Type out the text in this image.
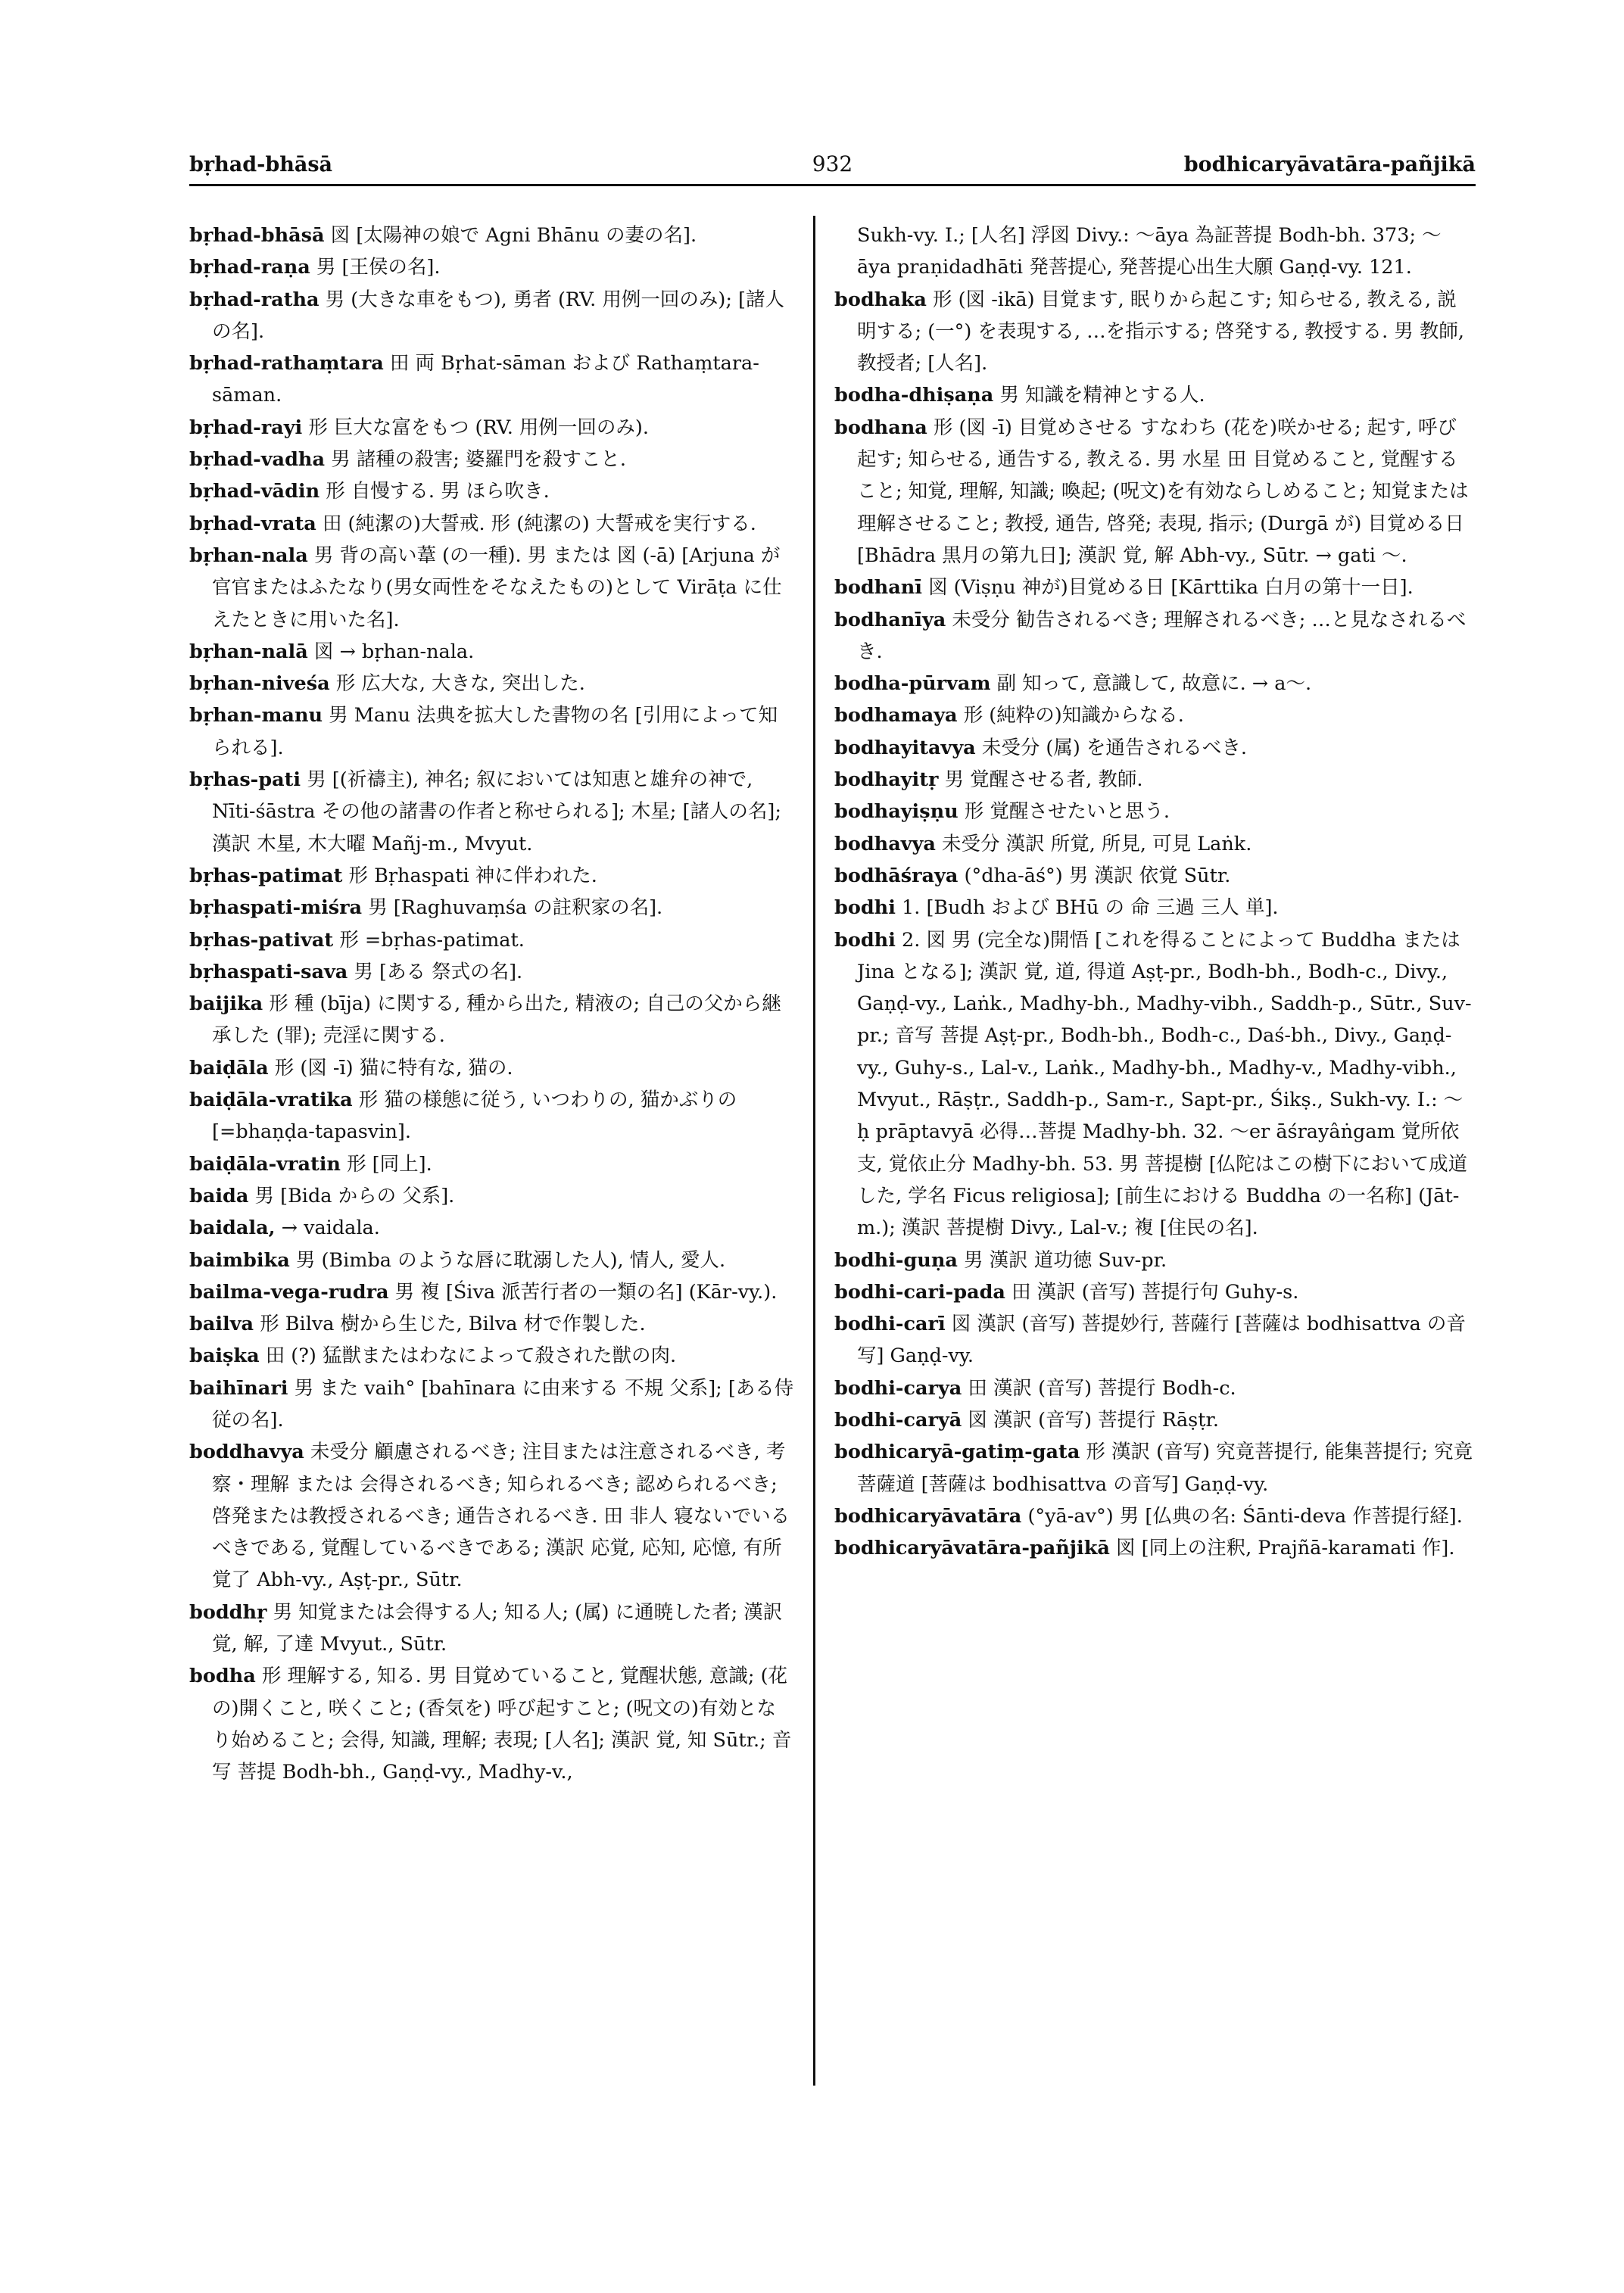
bṛhad-bhāsā	932	bodhicaryāvatāra-pañjikā

bṛhad-bhāsā 図 [太陽神の娘で Agni Bhānu の妻の名].

bṛhad-raṇa 男 [王侯の名].

bṛhad-ratha 男 (大きな車をもつ), 勇者 (RV. 用例一回のみ); [諸人の名].

bṛhad-rathaṃtara 田 両 Bṛhat-sāman および Rathaṃtara-sāman.

bṛhad-rayi 形 巨大な富をもつ (RV. 用例一回のみ).

bṛhad-vadha 男 諸種の殺害; 婆羅門を殺すこと.

bṛhad-vādin 形 自慢する. 男 ほら吹き.

bṛhad-vrata 田 (純潔の)大誓戒. 形 (純潔の) 大誓戒を実行する.

bṛhan-nala 男 背の高い葦 (の一種). 男 または 図 (-ā) [Arjuna が官官またはふたなり(男女両性をそなえたもの)として Virāṭa に仕えたときに用いた名].

bṛhan-nalā 図 → bṛhan-nala.

bṛhan-niveśa 形 広大な, 大きな, 突出した.

bṛhan-manu 男 Manu 法典を拡大した書物の名 [引用によって知られる].

bṛhas-pati 男 [(祈禱主), 神名; 叙においては知恵と雄弁の神で, Nīti-śāstra その他の諸書の作者と称せられる]; 木星; [諸人の名]; 漢訳 木星, 木大曜 Mañj-m., Mvyut.

bṛhas-patimat 形 Bṛhaspati 神に伴われた.

bṛhaspati-miśra 男 [Raghuvaṃśa の註釈家の名].

bṛhas-pativat 形 =bṛhas-patimat.

bṛhaspati-sava 男 [ある 祭式の名].

baijika 形 種 (bīja) に関する, 種から出た, 精液の; 自己の父から継承した (罪); 売淫に関する.

baiḍāla 形 (図 -ī) 猫に特有な, 猫の.

baiḍāla-vratika 形 猫の様態に従う, いつわりの, 猫かぶりの [=bhaṇḍa-tapasvin].

baiḍāla-vratin 形 [同上].

baida 男 [Bida からの 父系].

baidala, → vaidala.

baimbika 男 (Bimba のような唇に耽溺した人), 情人, 愛人.

bailma-vega-rudra 男 複 [Śiva 派苦行者の一類の名] (Kār-vy.).

bailva 形 Bilva 樹から生じた, Bilva 材で作製した.

baiṣka 田 (?) 猛獣またはわなによって殺された獣の肉.

baihīnari 男 また vaih° [bahīnara に由来する 不規 父系]; [ある侍従の名].

boddhavya 未受分 顧慮されるべき; 注目または注意されるべき, 考察・理解 または 会得されるべき; 知られるべき; 認められるべき; 啓発または教授されるべき; 通告されるべき. 田 非人 寝ないでいるべきである, 覚醒しているべきである; 漢訳 応覚, 応知, 応憶, 有所覚了 Abh-vy., Aṣṭ-pr., Sūtr.

boddhṛ 男 知覚または会得する人; 知る人; (属) に通暁した者; 漢訳 覚, 解, 了達 Mvyut., Sūtr.

bodha 形 理解する, 知る. 男 目覚めていること, 覚醒状態, 意識; (花の)開くこと, 咲くこと; (香気を) 呼び起すこと; (呪文の)有効となり始めること; 会得, 知識, 理解; 表現; [人名]; 漢訳 覚, 知 Sūtr.; 音写 菩提 Bodh-bh., Gaṇḍ-vy., Madhy-v.,

Sukh-vy. I.; [人名] 浮図 Divy.: ～āya 為証菩提 Bodh-bh. 373; ～āya praṇidadhāti 発菩提心, 発菩提心出生大願 Gaṇḍ-vy. 121.

bodhaka 形 (図 -ikā) 目覚ます, 眠りから起こす; 知らせる, 教える, 説明する; (一°) を表現する, …を指示する; 啓発する, 教授する. 男 教師, 教授者; [人名].

bodha-dhiṣaṇa 男 知識を精神とする人.

bodhana 形 (図 -ī) 目覚めさせる すなわち (花を)咲かせる; 起す, 呼び起す; 知らせる, 通告する, 教える. 男 水星 田 目覚めること, 覚醒すること; 知覚, 理解, 知識; 喚起; (呪文)を有効ならしめること; 知覚または理解させること; 教授, 通告, 啓発; 表現, 指示; (Durgā が) 目覚める日 [Bhādra 黒月の第九日]; 漢訳 覚, 解 Abh-vy., Sūtr. → gati ～.

bodhanī 図 (Viṣṇu 神が)目覚める日 [Kārttika 白月の第十一日].

bodhanīya 未受分 勧告されるべき; 理解されるべき; …と見なされるべき.

bodha-pūrvam 副 知って, 意識して, 故意に. → a～.

bodhamaya 形 (純粋の)知識からなる.

bodhayitavya 未受分 (属) を通告されるべき.

bodhayitṛ 男 覚醒させる者, 教師.

bodhayiṣṇu 形 覚醒させたいと思う.

bodhavya 未受分 漢訳 所覚, 所見, 可見 Laṅk.

bodhāśraya (°dha-āś°) 男 漢訳 依覚 Sūtr.

bodhi 1. [Budh および BHū の 命 三過 三人 単].

bodhi 2. 図 男 (完全な)開悟 [これを得ることによって Buddha または Jina となる]; 漢訳 覚, 道, 得道 Aṣṭ-pr., Bodh-bh., Bodh-c., Divy., Gaṇḍ-vy., Laṅk., Madhy-bh., Madhy-vibh., Saddh-p., Sūtr., Suv-pr.; 音写 菩提 Aṣṭ-pr., Bodh-bh., Bodh-c., Daś-bh., Divy., Gaṇḍ-vy., Guhy-s., Lal-v., Laṅk., Madhy-bh., Madhy-v., Madhy-vibh., Mvyut., Rāṣṭr., Saddh-p., Sam-r., Sapt-pr., Śikṣ., Sukh-vy. I.: ～ḥ prāptavyā 必得…菩提 Madhy-bh. 32. ～er āśrayâṅgam 覚所依支, 覚依止分 Madhy-bh. 53. 男 菩提樹 [仏陀はこの樹下において成道した, 学名 Ficus religiosa]; [前生における Buddha の一名称] (Jāt-m.); 漢訳 菩提樹 Divy., Lal-v.; 複 [住民の名].

bodhi-guṇa 男 漢訳 道功徳 Suv-pr.

bodhi-cari-pada 田 漢訳 (音写) 菩提行句 Guhy-s.

bodhi-carī 図 漢訳 (音写) 菩提妙行, 菩薩行 [菩薩は bodhisattva の音写] Gaṇḍ-vy.

bodhi-carya 田 漢訳 (音写) 菩提行 Bodh-c.

bodhi-caryā 図 漢訳 (音写) 菩提行 Rāṣṭr.

bodhicaryā-gatiṃ-gata 形 漢訳 (音写) 究竟菩提行, 能集菩提行; 究竟菩薩道 [菩薩は bodhisattva の音写] Gaṇḍ-vy.

bodhicaryāvatāra (°yā-av°) 男 [仏典の名: Śānti-deva 作菩提行経].

bodhicaryāvatāra-pañjikā 図 [同上の注釈, Prajñā-karamati 作].
